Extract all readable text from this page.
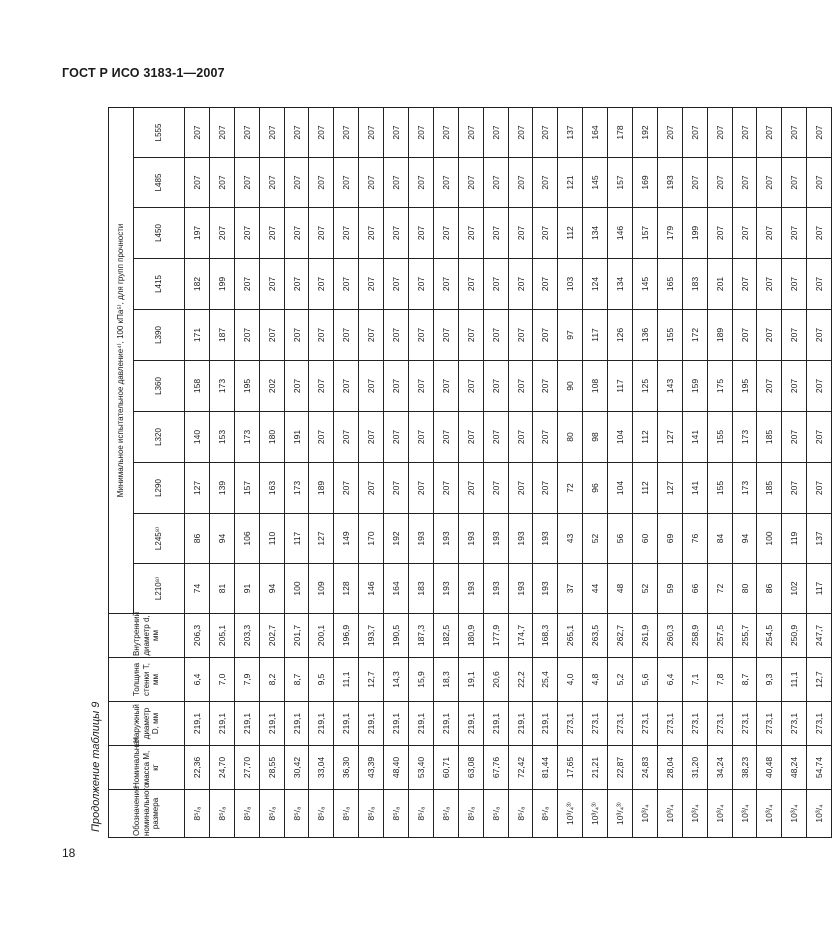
ГОСТ Р ИСО 3183-1—2007
Продолжение таблицы 9	Обозначение номинального размера	Номинальная масса M, кг	Наружный диаметр D, мм	Толщина стенки T, мм	Внутренний диаметр d, мм	Минимальное испытательное давление⁴⁾, 100 кПа⁵⁾, для групп прочности									
					L210⁸⁾	L245⁸⁾	L290	L320	L360	L390	L415	L450	L485	L555
8⁵/₈	22,36	219,1	6,4	206,3	74	86	127	140	158	171	182	197	207	207
8⁵/₈	24,70	219,1	7,0	205,1	81	94	139	153	173	187	199	207	207	207
8⁵/₈	27,70	219,1	7,9	203,3	91	106	157	173	195	207	207	207	207	207
8⁵/₈	28,55	219,1	8,2	202,7	94	110	163	180	202	207	207	207	207	207
8⁵/₈	30,42	219,1	8,7	201,7	100	117	173	191	207	207	207	207	207	207
8⁵/₈	33,04	219,1	9,5	200,1	109	127	189	207	207	207	207	207	207	207
8⁵/₈	36,30	219,1	11,1	196,9	128	149	207	207	207	207	207	207	207	207
8⁵/₈	43,39	219,1	12,7	193,7	146	170	207	207	207	207	207	207	207	207
8⁵/₈	48,40	219,1	14,3	190,5	164	192	207	207	207	207	207	207	207	207
8⁵/₈	53,40	219,1	15,9	187,3	183	193	207	207	207	207	207	207	207	207
8⁵/₈	60,71	219,1	18,3	182,5	193	193	207	207	207	207	207	207	207	207
8⁵/₈	63,08	219,1	19,1	180,9	193	193	207	207	207	207	207	207	207	207
8⁵/₈	67,76	219,1	20,6	177,9	193	193	207	207	207	207	207	207	207	207
8⁵/₈	72,42	219,1	22,2	174,7	193	193	207	207	207	207	207	207	207	207
8⁵/₈	81,44	219,1	25,4	168,3	193	193	207	207	207	207	207	207	207	207
10³/₄³⁾	17,65	273,1	4,0	265,1	37	43	72	80	90	97	103	112	121	137
10³/₄³⁾	21,21	273,1	4,8	263,5	44	52	96	98	108	117	124	134	145	164
10³/₄³⁾	22,87	273,1	5,2	262,7	48	56	104	104	117	126	134	146	157	178
10³/₄	24,83	273,1	5,6	261,9	52	60	112	112	125	136	145	157	169	192
10³/₄	28,04	273,1	6,4	260,3	59	69	127	127	143	155	165	179	193	207
10³/₄	31,20	273,1	7,1	258,9	66	76	141	141	159	172	183	199	207	207
10³/₄	34,24	273,1	7,8	257,5	72	84	155	155	175	189	201	207	207	207
10³/₄	38,23	273,1	8,7	255,7	80	94	173	173	195	207	207	207	207	207
10³/₄	40,48	273,1	9,3	254,5	86	100	185	185	207	207	207	207	207	207
10³/₄	48,24	273,1	11,1	250,9	102	119	207	207	207	207	207	207	207	207
10³/₄	54,74	273,1	12,7	247,7	117	137	207	207	207	207	207	207	207	207
18
